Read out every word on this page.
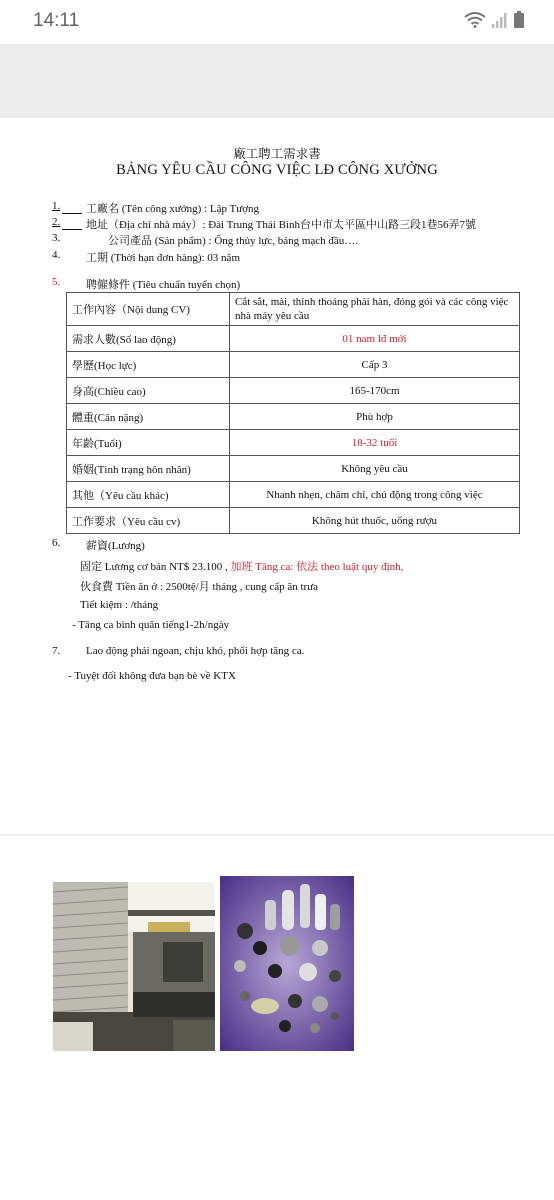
14:11
廠工聘工需求書
BẢNG YÊU CẦU CÔNG VIỆC LĐ CÔNG XƯỞNG
1. 工廠名 (Tên công xưởng) : Lập Tượng
2. 地址（Địa chỉ nhà máy）: Đài Trung Thái Bình台中市太平區中山路三段1巷56弄7號
3.	公司產品 (Sản phẩm) : Ống thủy lực, bảng mạch đầu….
4. 工期 (Thời hạn đơn hàng): 03 năm
5. 聘僱條件 (Tiêu chuẩn tuyển chọn)
工作內容（Nội dung CV)	Cắt sắt, mài, thỉnh thoảng phải hàn, đóng gói và các công việc nhà máy yêu cầu
需求人數(Số lao động)	01 nam lđ mới
學歷(Học lực)	Cấp 3
身高(Chiều cao)	165-170cm
體重(Cân nặng)	Phù hợp
年齡(Tuổi)	18-32 tuổi
婚姻(Tình trạng hôn nhân)	Không yêu cầu
其他（Yêu cầu khác)	Nhanh nhẹn, chăm chỉ, chủ động trong công việc
工作要求（Yêu cầu cv)	Không hút thuốc, uống rượu
6. 薪資(Lương)
固定 Lương cơ bản NT$ 23.100 , 加班 Tăng ca: 依法 theo luật quy định,
伙食費 Tiền ăn ở : 2500tệ/月 tháng , cung cấp ăn trưa
Tiết kiệm : /tháng
- Tăng ca bình quân tiếng1-2h/ngày
7. Lao động phải ngoan, chịu khó, phối hợp tăng ca.
- Tuyệt đối không đưa bạn bè về KTX
